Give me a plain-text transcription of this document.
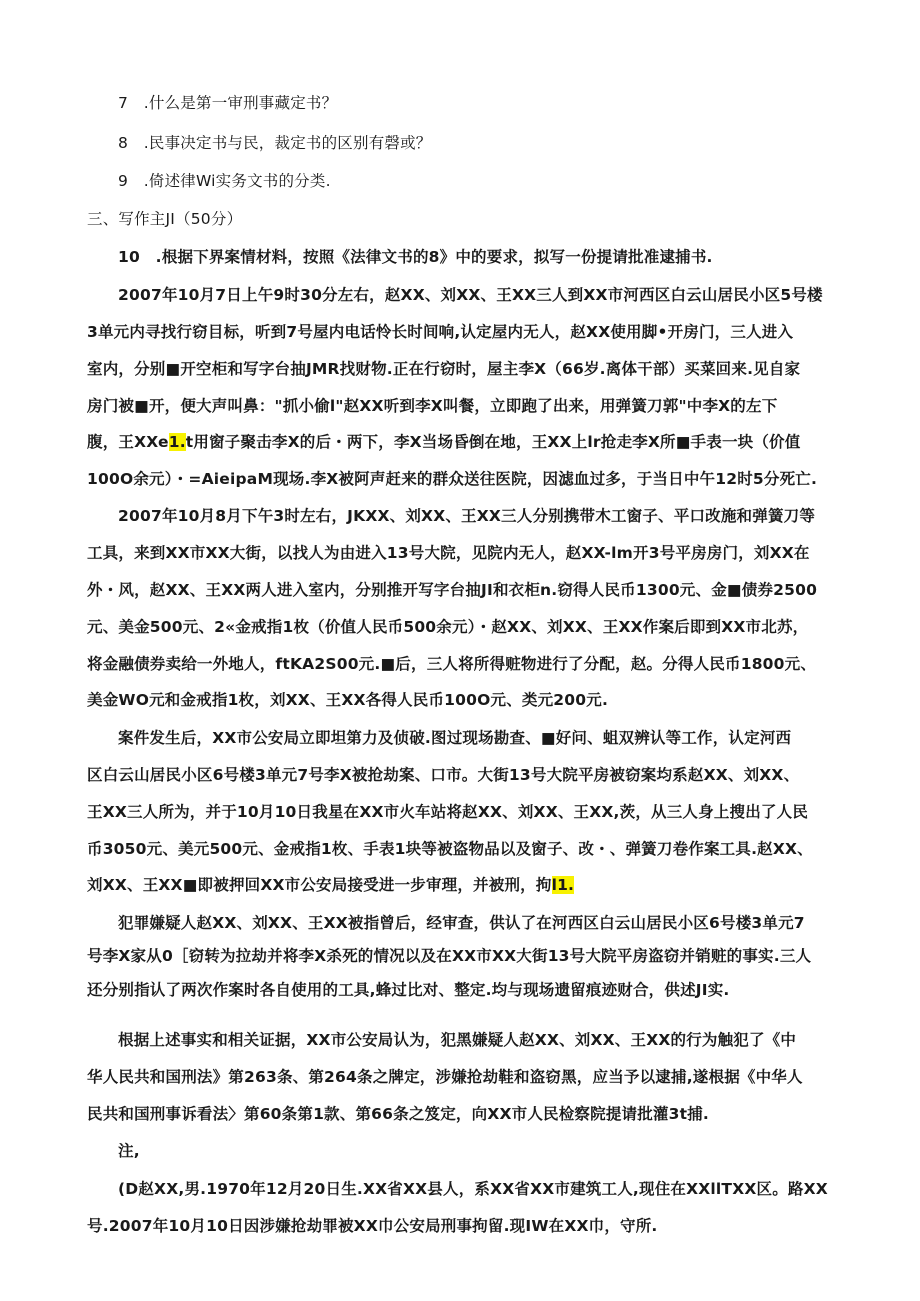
7　.什么是第一审刑事藏定书？
8　.民事决定书与民，裁定书的区别有磬或？
9　.倚述律Wi实务文书的分类.
三、写作主JI（50分）
10　.根据下界案情材料，按照《法律文书的8》中的要求，拟写一份提请批准逮捕书.
2007年10月7日上午9时30分左右，赵XX、刘XX、王XX三人到XX市河西区白云山居民小区5号楼
3单元内寻找行窃目标，听到7号屋内电话怜长时间响,认定屋内无人，赵XX使用脚•开房门，三人进入
室内，分别■开空柜和写字台抽JMR找财物.正在行窃时，屋主李X（66岁.离体干部）买菜回来.见自家
房门被■开，便大声叫鼻："抓小偷l"赵XX听到李X叫餐，立即跑了出来，用弹簧刀郭"中李X的左下
腹，王XXe1.t用窗子聚击李X的后・两下，李X当场昏倒在地，王XX上lr抢走李X所■手表一块（价值
100O余元）・=AieipaM现场.李X被阿声赶来的群众送往医院，因滤血过多，于当日中午12时5分死亡.
2007年10月8月下午3时左右，JKXX、刘XX、王XX三人分别携带木工窗子、平口改施和弹簧刀等
工具，来到XX市XX大街，以找人为由进入13号大院，见院内无人，赵XX-lm开3号平房房门，刘XX在
外・风，赵XX、王XX两人进入室内，分别推开写字台抽JI和衣柜n.窃得人民币1300元、金■债券2500
元、美金500元、2«金戒指1枚（价值人民币500余元）・赵XX、刘XX、王XX作案后即到XX市北苏，
将金融债券卖给一外地人，ftKA2S00元.■后，三人将所得赃物进行了分配，赵。分得人民币1800元、
美金WO元和金戒指1枚，刘XX、王XX各得人民币100O元、类元200元.
案件发生后，XX市公安局立即坦第力及侦破.图过现场勘查、■好问、蛆双辨认等工作，认定河西
区白云山居民小区6号楼3单元7号李X被抢劫案、口市。大街13号大院平房被窃案均系赵XX、刘XX、
王XX三人所为，并于10月10日我星在XX市火车站将赵XX、刘XX、王XX,茨，从三人身上搜出了人民
币3050元、美元500元、金戒指1枚、手表1块等被盗物品以及窗子、改・、弹簧刀卷作案工具.赵XX、
刘XX、王XX■即被押回XX市公安局接受进一步审理，并被刑，拘l1.
犯罪嫌疑人赵XX、刘XX、王XX被指曾后，经审查，供认了在河西区白云山居民小区6号楼3单元7
号李X家从0［窃转为拉劫并将李X杀死的情况以及在XX市XX大街13号大院平房盗窃并销赃的事实.三人
还分别指认了两次作案时各自使用的工具,蜂过比对、整定.均与现场遗留痕迹财合，供述JI实.
根据上述事实和相关证据，XX市公安局认为，犯黑嫌疑人赵XX、刘XX、王XX的行为触犯了《中
华人民共和国刑法》第263条、第264条之牌定，涉嫌抢劫鞋和盗窃黑，应当予以逮捕,遂根据《中华人
民共和国刑事诉看法〉第60条第1款、第66条之笈定，向XX市人民检察院提请批灌3t捕.
注,
(D赵XX,男.1970年12月20日生.XX省XX县人，系XX省XX市建筑工人,现住在XXllTXX区。路XX
号.2007年10月10日因涉嫌抢劫罪被XX巾公安局刑事拘留.现IW在XX巾，守所.
